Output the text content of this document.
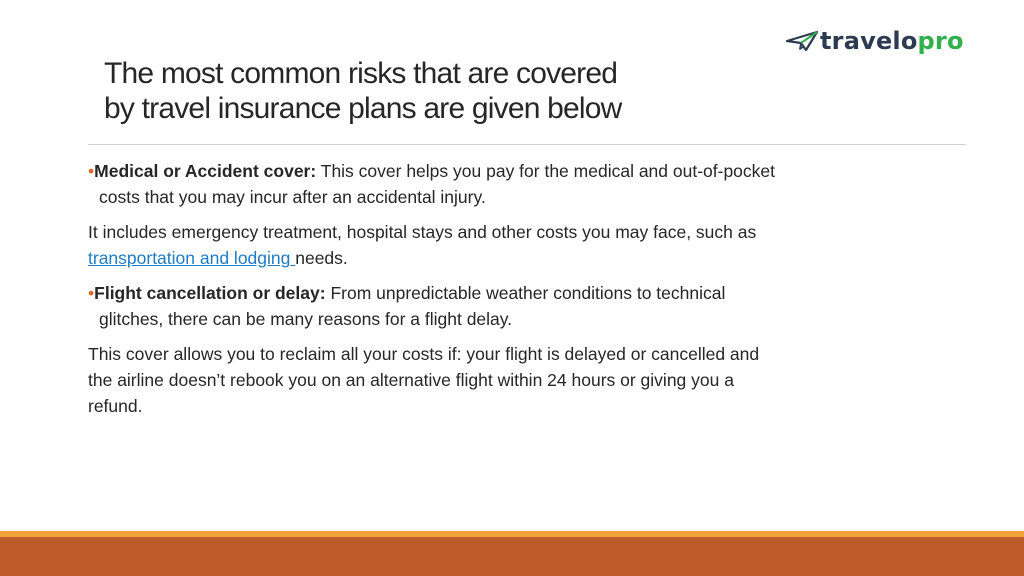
travelopro
The most common risks that are covered
by travel insurance plans are given below

•Medical or Accident cover: This cover helps you pay for the medical and out-of-pocket
costs that you may incur after an accidental injury.

It includes emergency treatment, hospital stays and other costs you may face, such as
transportation and lodging needs.

•Flight cancellation or delay: From unpredictable weather conditions to technical
glitches, there can be many reasons for a flight delay.

This cover allows you to reclaim all your costs if: your flight is delayed or cancelled and
the airline doesn’t rebook you on an alternative flight within 24 hours or giving you a
refund.
